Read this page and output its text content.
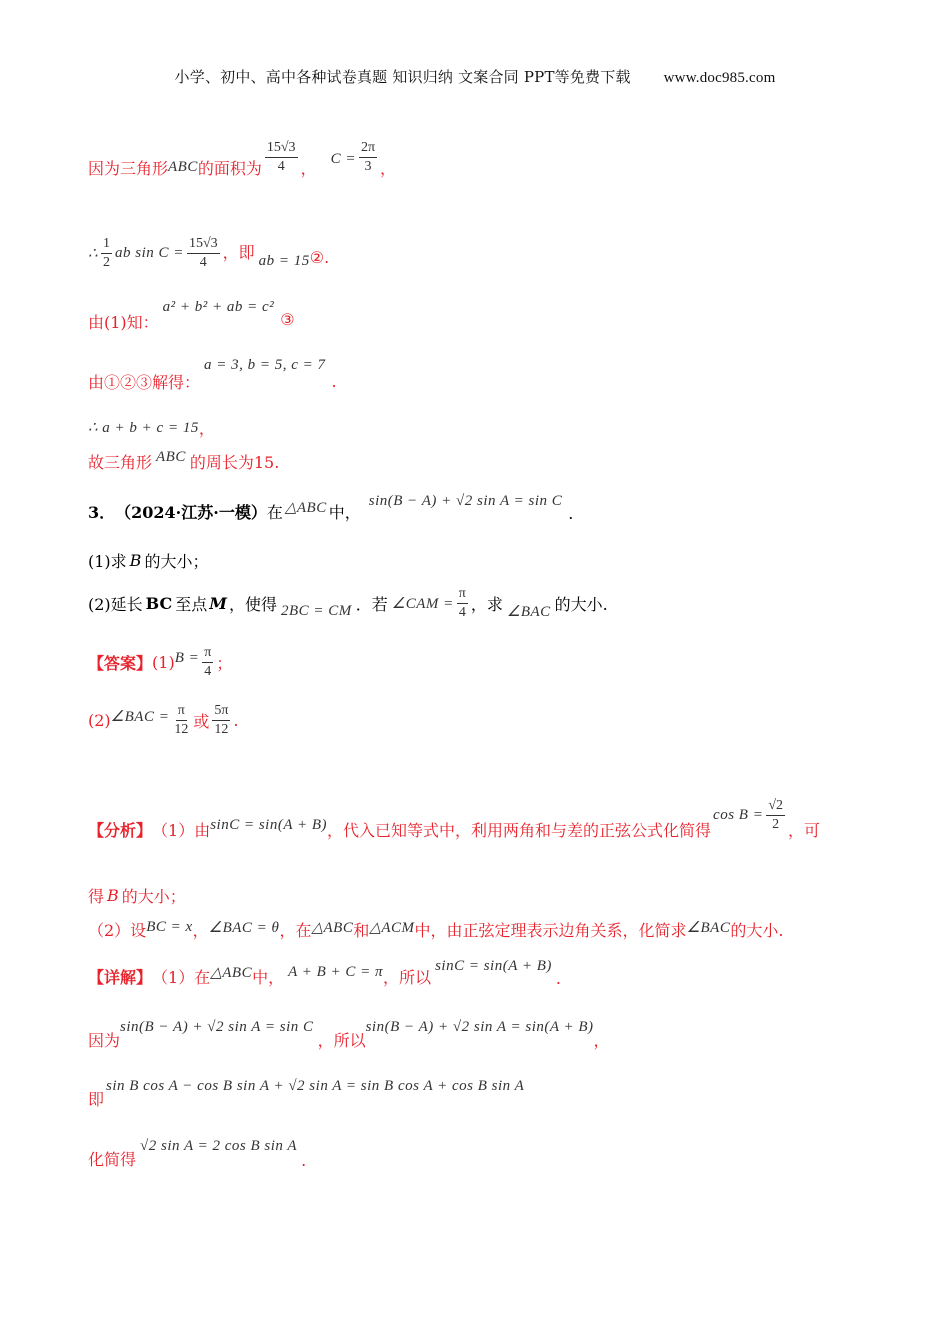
小学、初中、高中各种试卷真题 知识归纳 文案合同 PPT等免费下载 www.doc985.com
因为三角形 ABC 的面积为 $\frac{15√3}{4}$ ， $C = \frac{2\pi}{3}$ ，
∴ $\frac{1}{2}$ ab $\sin C = \frac{15√3}{4}$ ，即 ab = 15 ②.
由(1)知：
a² + b² + ab = c²
③
由①②③解得：
a = 3, b = 5, c = 7
.
∴ a + b + c = 15 ，
故三角形 ABC 的周长为15.
3． （2024·江苏·一模） 在 △ABC 中，
sin(B − A) + √2 sin A = sin C
.
(1)求 B 的大小；
(2)延长 BC 至点 M ，使得 2BC = CM ．若 ∠CAM = $\frac{\pi}{4}$ ，求 ∠BAC 的大小.
【答案】 (1) $B = \frac{\pi}{4}$ ；
(2) ∠BAC = $\frac{\pi}{12}$ 或 $\frac{5\pi}{12}$ .
【分析】 （1）由 sinC = sin(A + B) ，代入已知等式中，利用两角和与差的正弦公式化简得
$\cos B = \frac{√2}{2}$ ，可
得 B 的大小；
（2）设 BC = x ， ∠BAC = θ ，在 △ABC 和 △ACM 中，由正弦定理表示边角关系，化简求 ∠BAC 的大小.
【详解】 （1）在 △ABC 中， A + B + C = π ，所以
sinC = sin(A + B)
.
因为
sin(B − A) + √2 sin A = sin C
，所以
sin(B − A) + √2 sin A = sin(A + B)
，
即
sin B cos A − cos B sin A + √2 sin A = sin B cos A + cos B sin A
化简得
√2 sin A = 2 cos B sin A
.
